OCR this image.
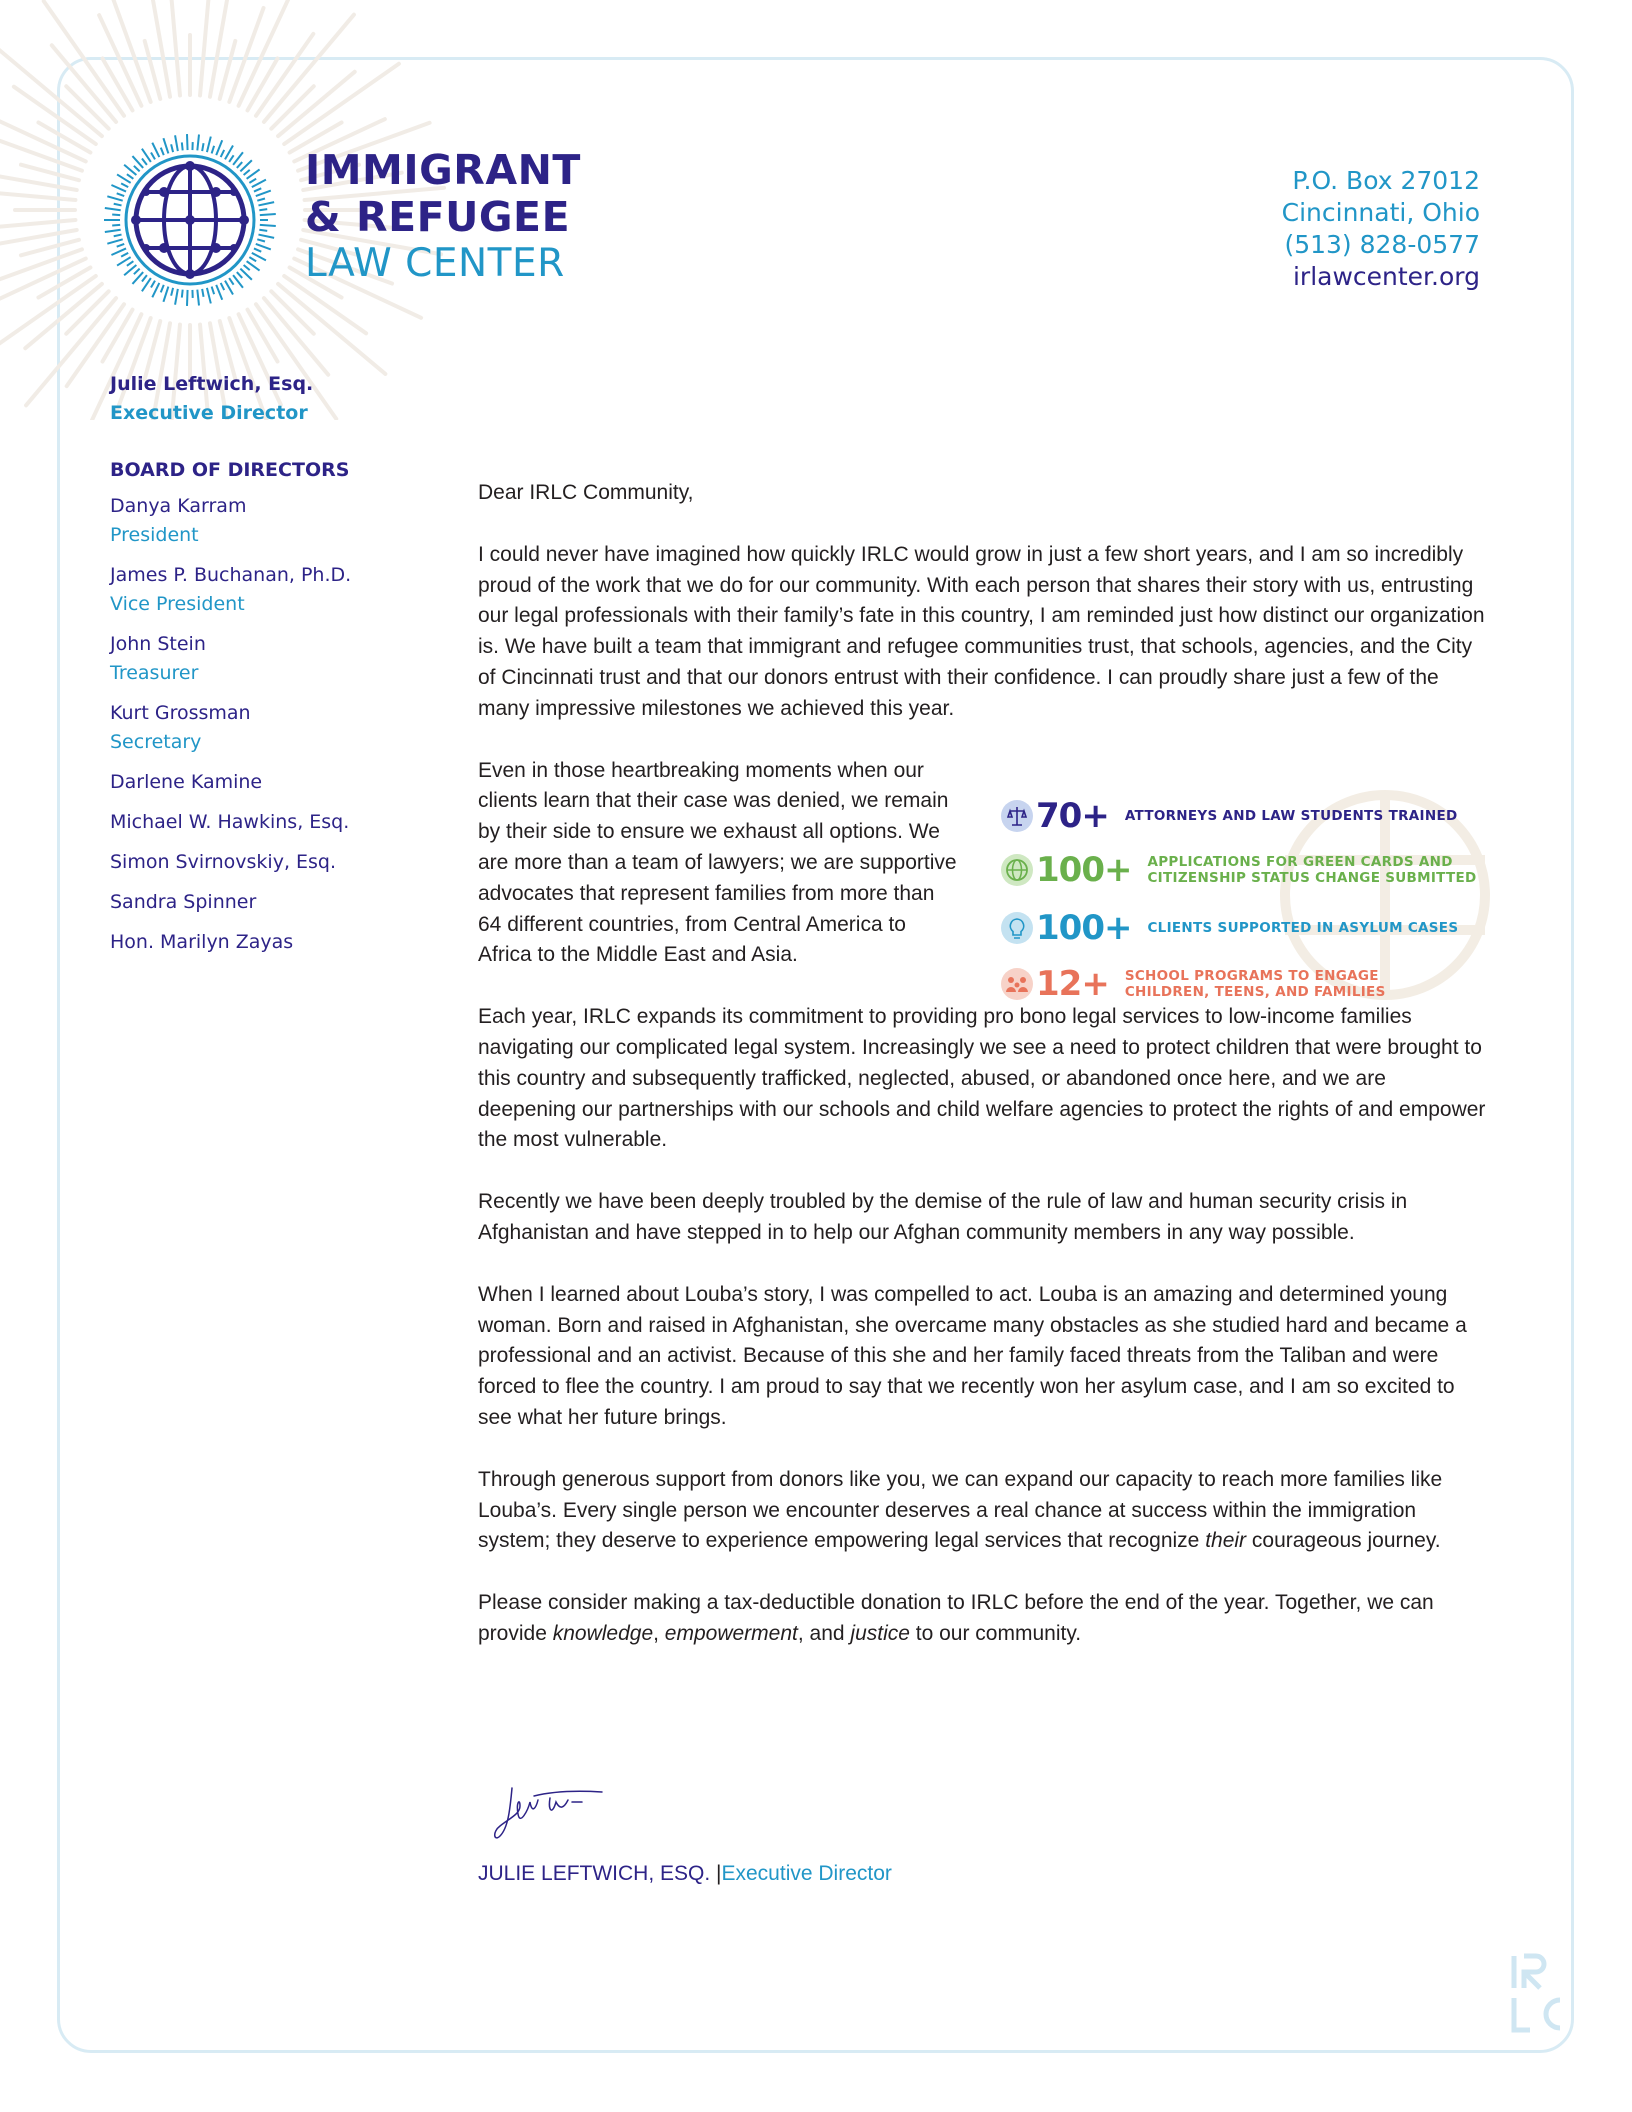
IMMIGRANT
& REFUGEE
LAW CENTER
P.O. Box 27012
Cincinnati, Ohio
(513) 828-0577
irlawcenter.org
Julie Leftwich, Esq.
Executive Director
BOARD OF DIRECTORS
Danya Karram
President
James P. Buchanan, Ph.D.
Vice President
John Stein
Treasurer
Kurt Grossman
Secretary
Darlene Kamine
Michael W. Hawkins, Esq.
Simon Svirnovskiy, Esq.
Sandra Spinner
Hon. Marilyn Zayas

Dear IRLC Community,

I could never have imagined how quickly IRLC would grow in just a few short years, and I am so incredibly proud of the work that we do for our community. With each person that shares their story with us, entrusting our legal professionals with their family’s fate in this country, I am reminded just how distinct our organization is. We have built a team that immigrant and refugee communities trust, that schools, agencies, and the City of Cincinnati trust and that our donors entrust with their confidence. I can proudly share just a few of the many impressive milestones we achieved this year.

Even in those heartbreaking moments when our clients learn that their case was denied, we remain by their side to ensure we exhaust all options. We are more than a team of lawyers; we are supportive advocates that represent families from more than 64 different countries, from Central America to Africa to the Middle East and Asia.

Each year, IRLC expands its commitment to providing pro bono legal services to low-income families navigating our complicated legal system. Increasingly we see a need to protect children that were brought to this country and subsequently trafficked, neglected, abused, or abandoned once here, and we are deepening our partnerships with our schools and child welfare agencies to protect the rights of and empower the most vulnerable.

Recently we have been deeply troubled by the demise of the rule of law and human security crisis in Afghanistan and have stepped in to help our Afghan community members in any way possible.

When I learned about Louba’s story, I was compelled to act. Louba is an amazing and determined young woman. Born and raised in Afghanistan, she overcame many obstacles as she studied hard and became a professional and an activist. Because of this she and her family faced threats from the Taliban and were forced to flee the country. I am proud to say that we recently won her asylum case, and I am so excited to see what her future brings.

Through generous support from donors like you, we can expand our capacity to reach more families like Louba’s. Every single person we encounter deserves a real chance at success within the immigration system; they deserve to experience empowering legal services that recognize their courageous journey.

Please consider making a tax-deductible donation to IRLC before the end of the year. Together, we can provide knowledge, empowerment, and justice to our community.

70+ ATTORNEYS AND LAW STUDENTS TRAINED
100+ APPLICATIONS FOR GREEN CARDS AND
CITIZENSHIP STATUS CHANGE SUBMITTED
100+ CLIENTS SUPPORTED IN ASYLUM CASES
12+ SCHOOL PROGRAMS TO ENGAGE
CHILDREN, TEENS, AND FAMILIES
JULIE LEFTWICH, ESQ. |Executive Director
